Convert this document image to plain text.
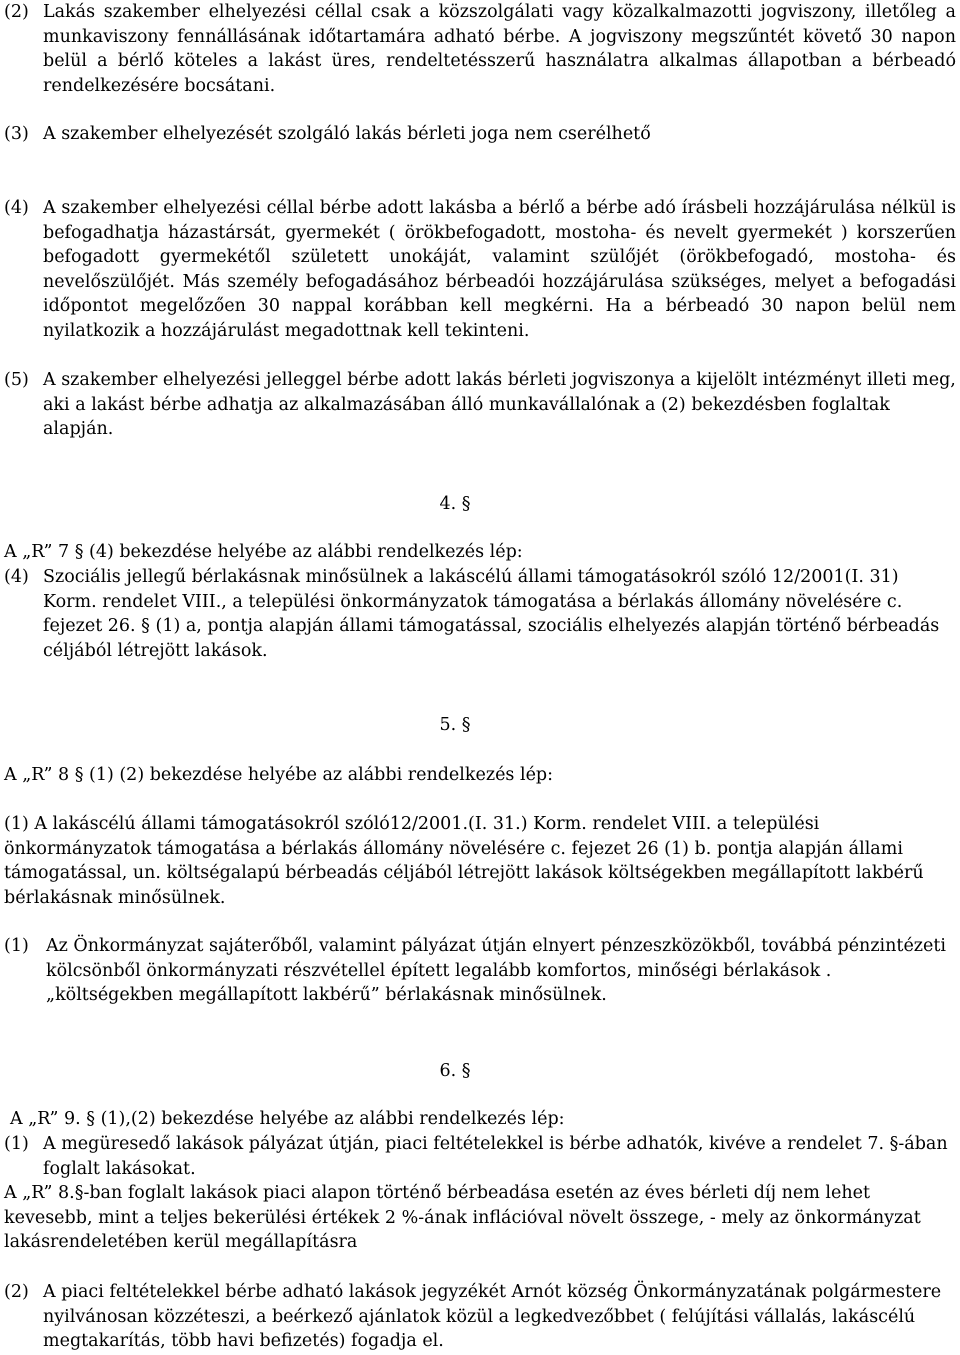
(2) Lakás szakember elhelyezési céllal csak a közszolgálati vagy közalkalmazotti jogviszony, illetőleg a munkaviszony fennállásának időtartamára adható bérbe. A jogviszony megszűntét követő 30 napon belül a bérlő köteles a lakást üres, rendeltetésszerű használatra alkalmas állapotban a bérbeadó rendelkezésére bocsátani.
(3) A szakember elhelyezését szolgáló lakás bérleti joga nem cserélhető
(4) A szakember elhelyezési céllal bérbe adott lakásba a bérlő a bérbe adó írásbeli hozzájárulása nélkül is befogadhatja házastársát, gyermekét ( örökbefogadott, mostoha- és nevelt gyermekét ) korszerűen befogadott gyermekétől született unokáját, valamint szülőjét (örökbefogadó, mostoha- és nevelőszülőjét. Más személy befogadásához bérbeadói hozzájárulása szükséges, melyet a befogadási időpontot megelőzően 30 nappal korábban kell megkérni. Ha a bérbeadó 30 napon belül nem nyilatkozik a hozzájárulást megadottnak kell tekinteni.
(5) A szakember elhelyezési jelleggel bérbe adott lakás bérleti jogviszonya a kijelölt intézményt illeti meg, aki a lakást bérbe adhatja az alkalmazásában álló munkavállalónak a (2) bekezdésben foglaltak alapján.
4. §
A „R” 7 § (4) bekezdése helyébe az alábbi rendelkezés lép:
(4) Szociális jellegű bérlakásnak minősülnek a lakáscélú állami támogatásokról szóló 12/2001(I. 31) Korm. rendelet VIII., a települési önkormányzatok támogatása a bérlakás állomány növelésére c. fejezet 26. § (1) a, pontja alapján állami támogatással, szociális elhelyezés alapján történő bérbeadás céljából létrejött lakások.
5. §
A „R” 8 § (1) (2) bekezdése helyébe az alábbi rendelkezés lép:
(1) A lakáscélú állami támogatásokról szóló12/2001.(I. 31.) Korm. rendelet VIII. a települési önkormányzatok támogatása a bérlakás állomány növelésére c. fejezet 26 (1) b. pontja alapján állami támogatással, un. költségalapú bérbeadás céljából létrejött lakások költségekben megállapított lakbérű bérlakásnak minősülnek.
(1) Az Önkormányzat sajáterőből, valamint pályázat útján elnyert pénzeszközökből, továbbá pénzintézeti kölcsönből önkormányzati részvétellel épített legalább komfortos, minőségi bérlakások .
„költségekben megállapított lakbérű” bérlakásnak minősülnek.
6. §
A „R” 9. § (1),(2) bekezdése helyébe az alábbi rendelkezés lép:
(1) A megüresedő lakások pályázat útján, piaci feltételekkel is bérbe adhatók, kivéve a rendelet 7. §-ában foglalt lakásokat.
A „R” 8.§-ban foglalt lakások piaci alapon történő bérbeadása esetén az éves bérleti díj nem lehet kevesebb, mint a teljes bekerülési értékek 2 %-ának inflációval növelt összege, - mely az önkormányzat lakásrendeletében kerül megállapításra
(2) A piaci feltételekkel bérbe adható lakások jegyzékét Arnót község Önkormányzatának polgármestere nyilvánosan közzéteszi, a beérkező ajánlatok közül a legkedvezőbbet ( felújítási vállalás, lakáscélú megtakarítás, több havi befizetés) fogadja el.
